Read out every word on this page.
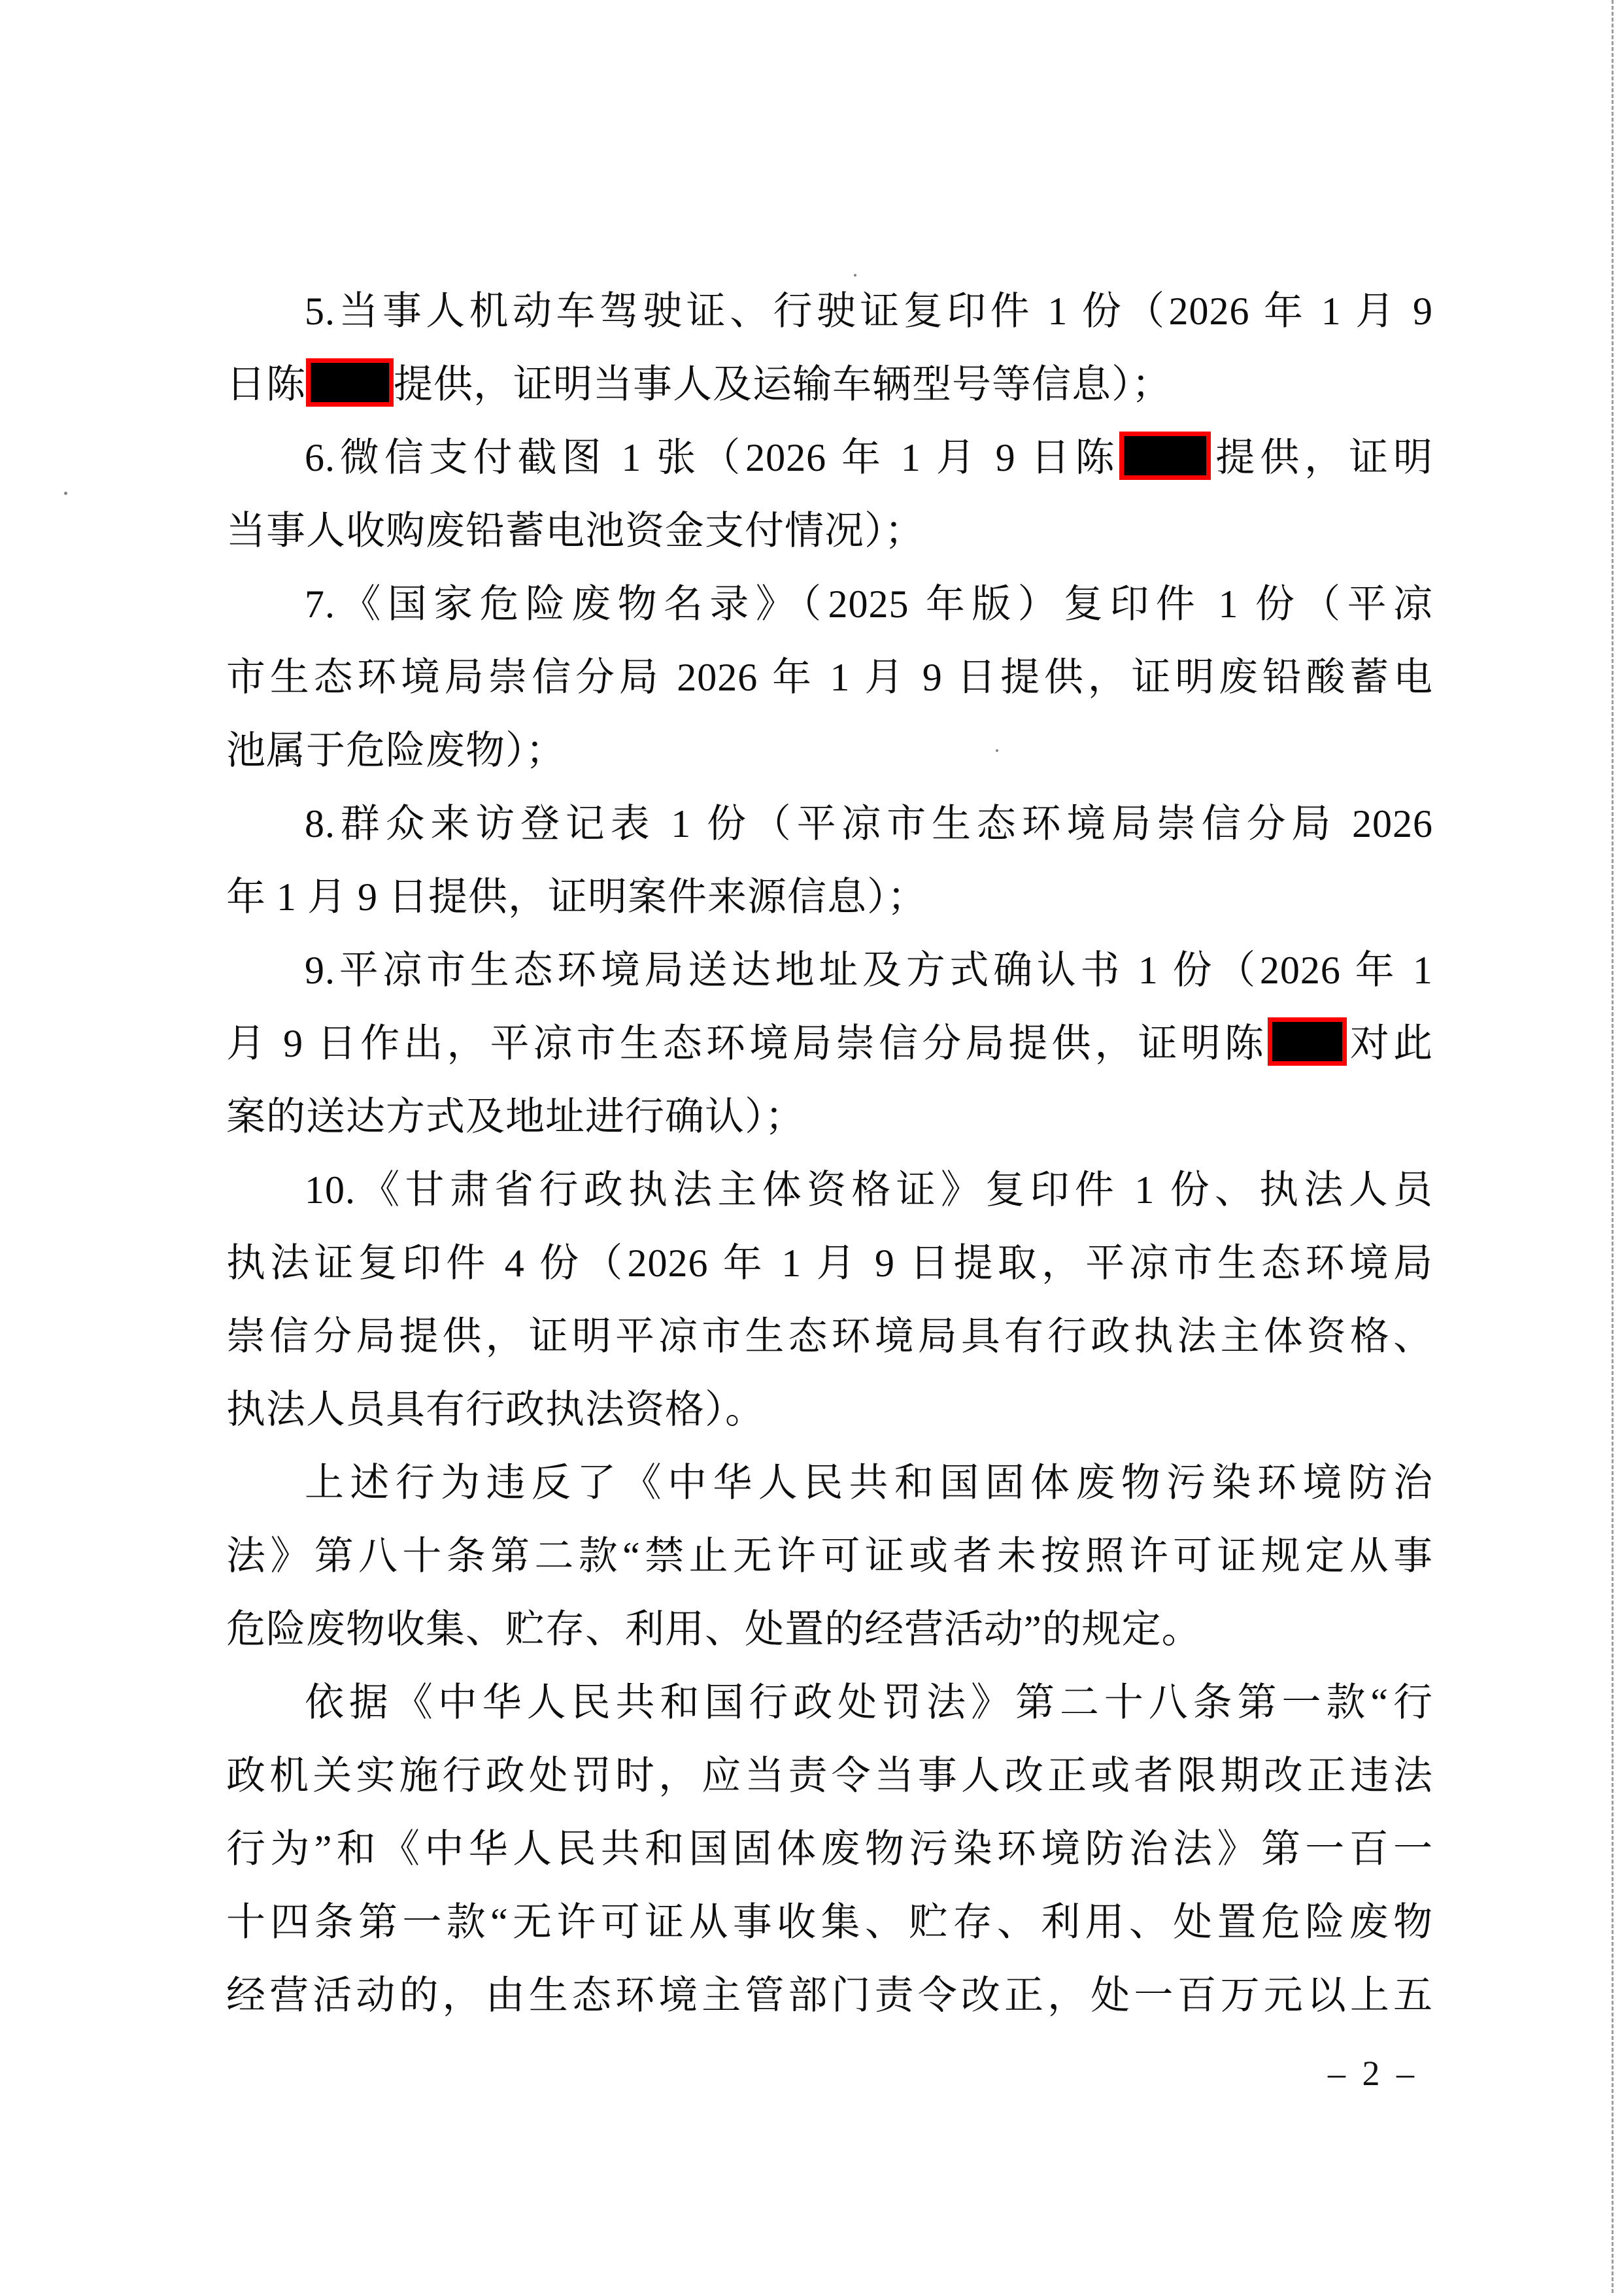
5.当事人机动车驾驶证、行驶证复印件 1 份（2026 年 1 月 9
日陈 提供，证明当事人及运输车辆型号等信息）；
6.微信支付截图 1 张（2026 年 1 月 9 日陈 提供，证明
当事人收购废铅蓄电池资金支付情况）；
7.《国家危险废物名录》（2025 年版）复印件 1 份（平凉
市生态环境局崇信分局 2026 年 1 月 9 日提供，证明废铅酸蓄电
池属于危险废物）；
8.群众来访登记表 1 份（平凉市生态环境局崇信分局 2026
年 1 月 9 日提供，证明案件来源信息）；
9.平凉市生态环境局送达地址及方式确认书 1 份（2026 年 1
月 9 日作出，平凉市生态环境局崇信分局提供，证明陈 对此
案的送达方式及地址进行确认）；
10.《甘肃省行政执法主体资格证》复印件 1 份、执法人员
执法证复印件 4 份（2026 年 1 月 9 日提取，平凉市生态环境局
崇信分局提供，证明平凉市生态环境局具有行政执法主体资格、
执法人员具有行政执法资格）。
上述行为违反了《中华人民共和国固体废物污染环境防治
法》第八十条第二款“禁止无许可证或者未按照许可证规定从事
危险废物收集、贮存、利用、处置的经营活动”的规定。
依据《中华人民共和国行政处罚法》第二十八条第一款“行
政机关实施行政处罚时，应当责令当事人改正或者限期改正违法
行为”和《中华人民共和国固体废物污染环境防治法》第一百一
十四条第一款“无许可证从事收集、贮存、利用、处置危险废物
经营活动的，由生态环境主管部门责令改正，处一百万元以上五
– 2 –
